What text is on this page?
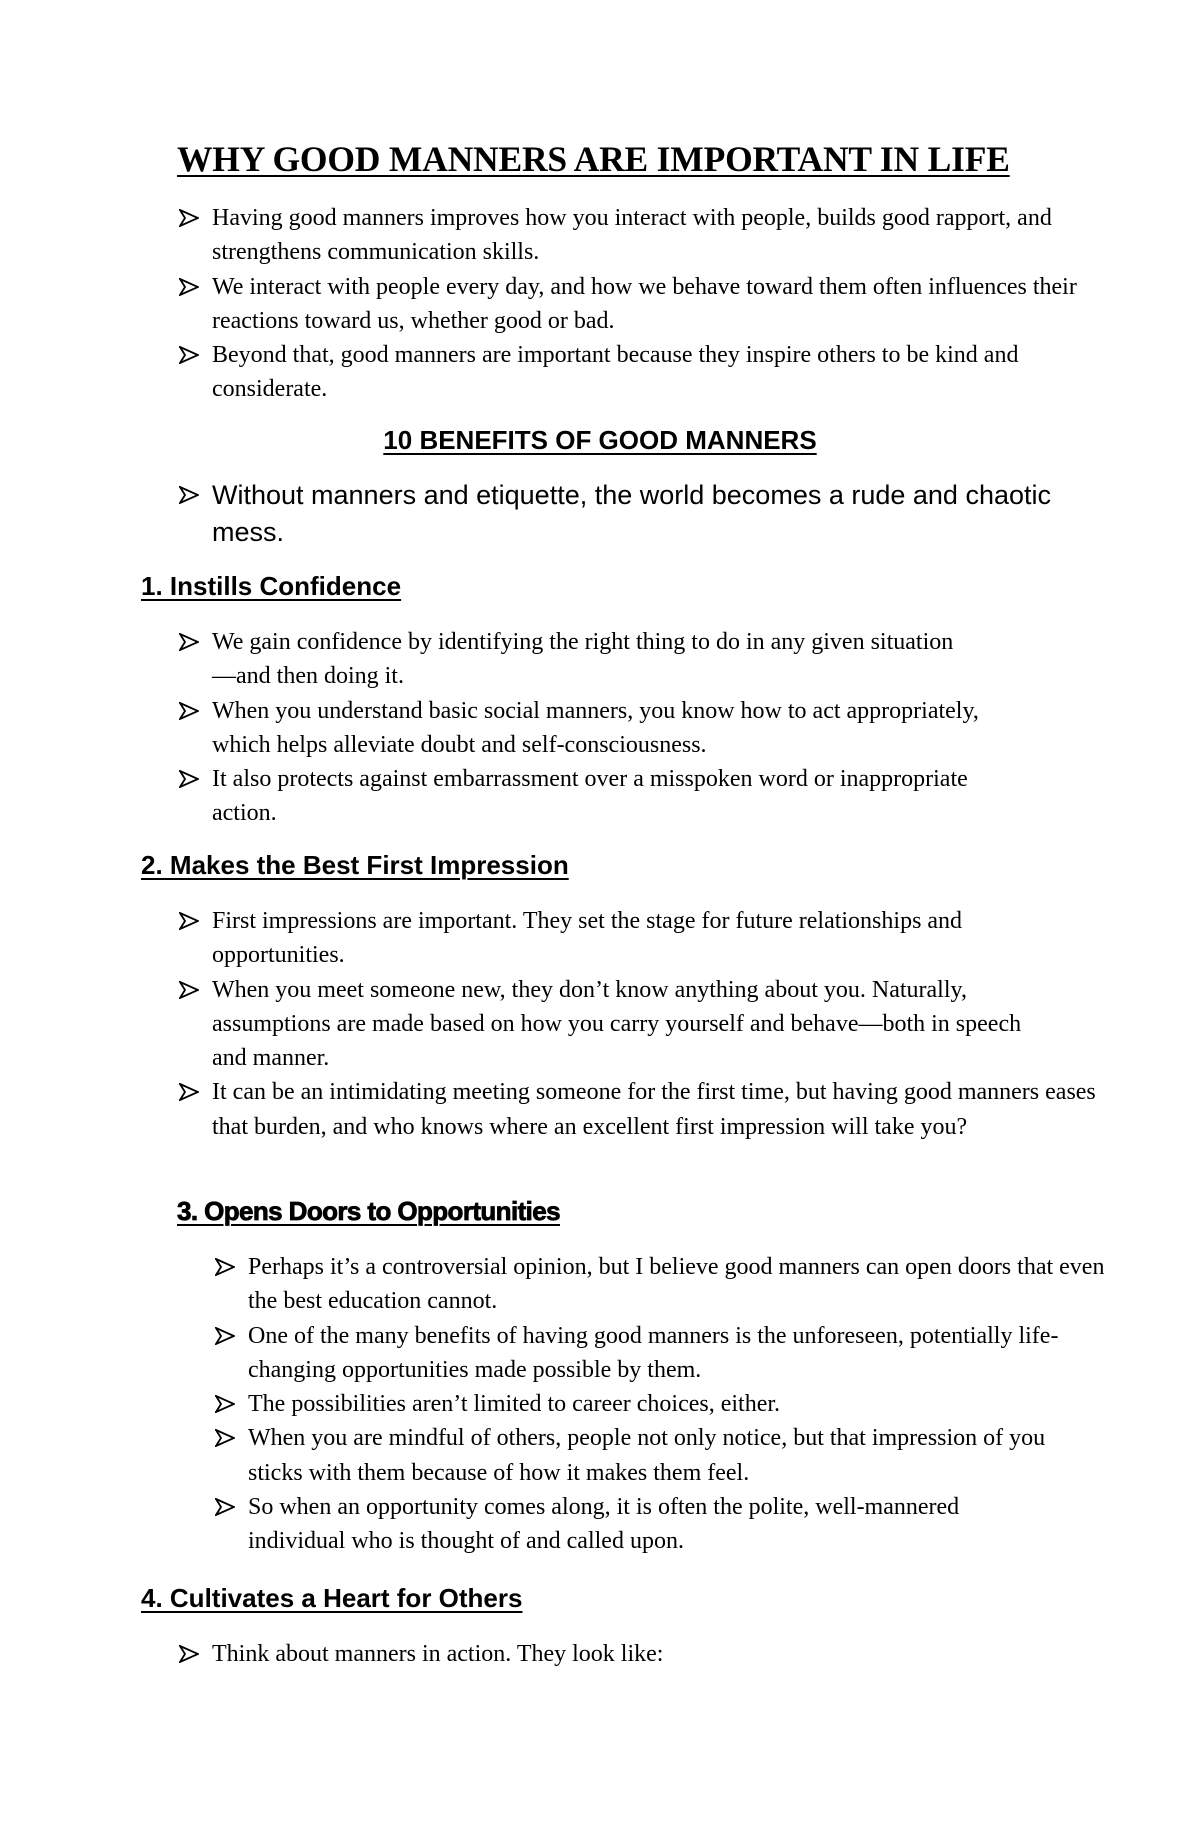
WHY GOOD MANNERS ARE IMPORTANT IN LIFE
Having good manners improves how you interact with people, builds good rapport, and strengthens communication skills.
We interact with people every day, and how we behave toward them often influences their reactions toward us, whether good or bad.
Beyond that, good manners are important because they inspire others to be kind and considerate.
10 BENEFITS OF GOOD MANNERS
Without manners and etiquette, the world becomes a rude and chaotic mess.
1. Instills Confidence
We gain confidence by identifying the right thing to do in any given situation—and then doing it.
When you understand basic social manners, you know how to act appropriately, which helps alleviate doubt and self-consciousness.
It also protects against embarrassment over a misspoken word or inappropriate action.
2. Makes the Best First Impression
First impressions are important. They set the stage for future relationships and opportunities.
When you meet someone new, they don’t know anything about you. Naturally, assumptions are made based on how you carry yourself and behave—both in speech and manner.
It can be an intimidating meeting someone for the first time, but having good manners eases that burden, and who knows where an excellent first impression will take you?
3. Opens Doors to Opportunities
Perhaps it’s a controversial opinion, but I believe good manners can open doors that even the best education cannot.
One of the many benefits of having good manners is the unforeseen, potentially life-changing opportunities made possible by them.
The possibilities aren’t limited to career choices, either.
When you are mindful of others, people not only notice, but that impression of you sticks with them because of how it makes them feel.
So when an opportunity comes along, it is often the polite, well-mannered individual who is thought of and called upon.
4. Cultivates a Heart for Others
Think about manners in action. They look like:
